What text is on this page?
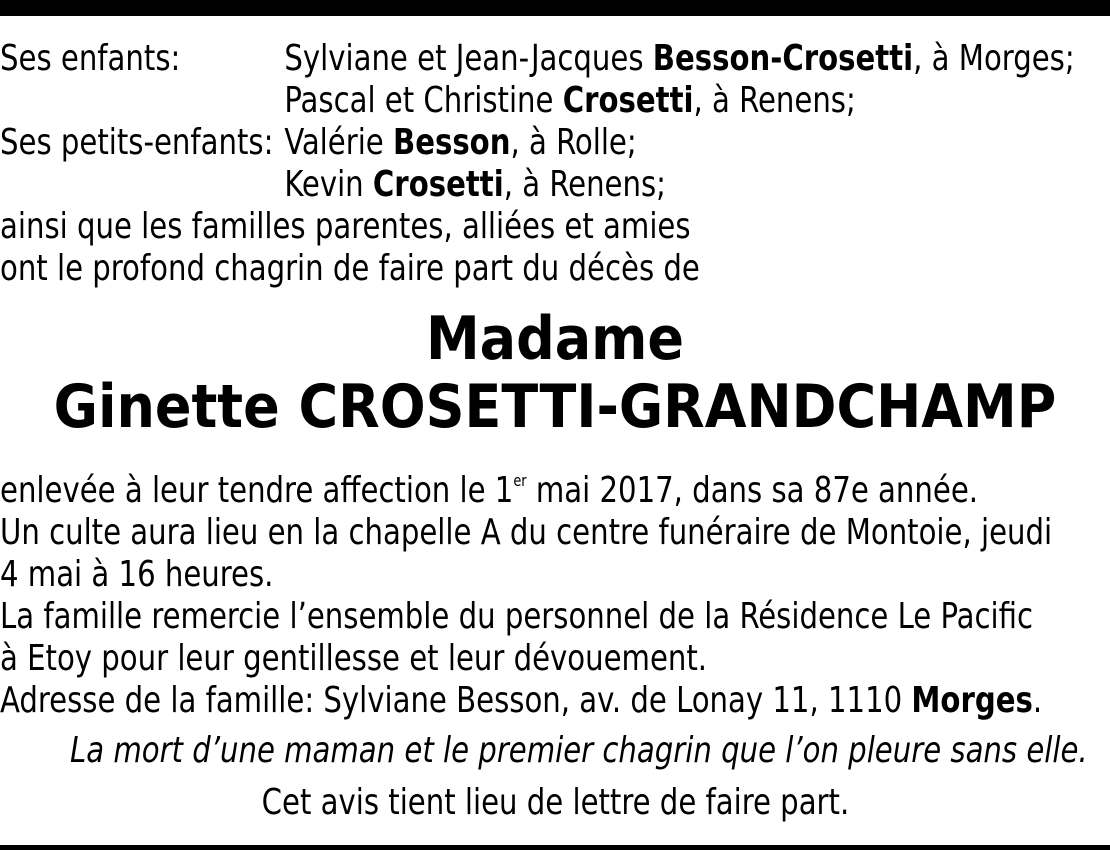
Ses enfants:	Sylviane et Jean-Jacques Besson-Crosetti, à Morges;
Pascal et Christine Crosetti, à Renens;
Ses petits-enfants: Valérie Besson, à Rolle;
Kevin Crosetti, à Renens;
ainsi que les familles parentes, alliées et amies
ont le profond chagrin de faire part du décès de
Madame
Ginette CROSETTI-GRANDCHAMP
enlevée à leur tendre affection le 1er mai 2017, dans sa 87e année.
Un culte aura lieu en la chapelle A du centre funéraire de Montoie, jeudi
4 mai à 16 heures.
La famille remercie l’ensemble du personnel de la Résidence Le Pacific
à Etoy pour leur gentillesse et leur dévouement.
Adresse de la famille: Sylviane Besson, av. de Lonay 11, 1110 Morges.
La mort d’une maman et le premier chagrin que l’on pleure sans elle.
Cet avis tient lieu de lettre de faire part.
